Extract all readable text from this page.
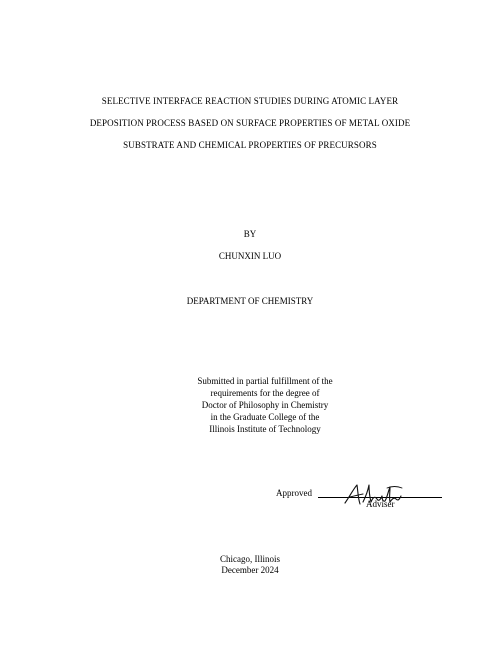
SELECTIVE INTERFACE REACTION STUDIES DURING ATOMIC LAYER
DEPOSITION PROCESS BASED ON SURFACE PROPERTIES OF METAL OXIDE
SUBSTRATE AND CHEMICAL PROPERTIES OF PRECURSORS
BY
CHUNXIN LUO
DEPARTMENT OF CHEMISTRY
Submitted in partial fulfillment of the
requirements for the degree of
Doctor of Philosophy in Chemistry
in the Graduate College of the
Illinois Institute of Technology
Approved
Adviser
Chicago, Illinois
December 2024
